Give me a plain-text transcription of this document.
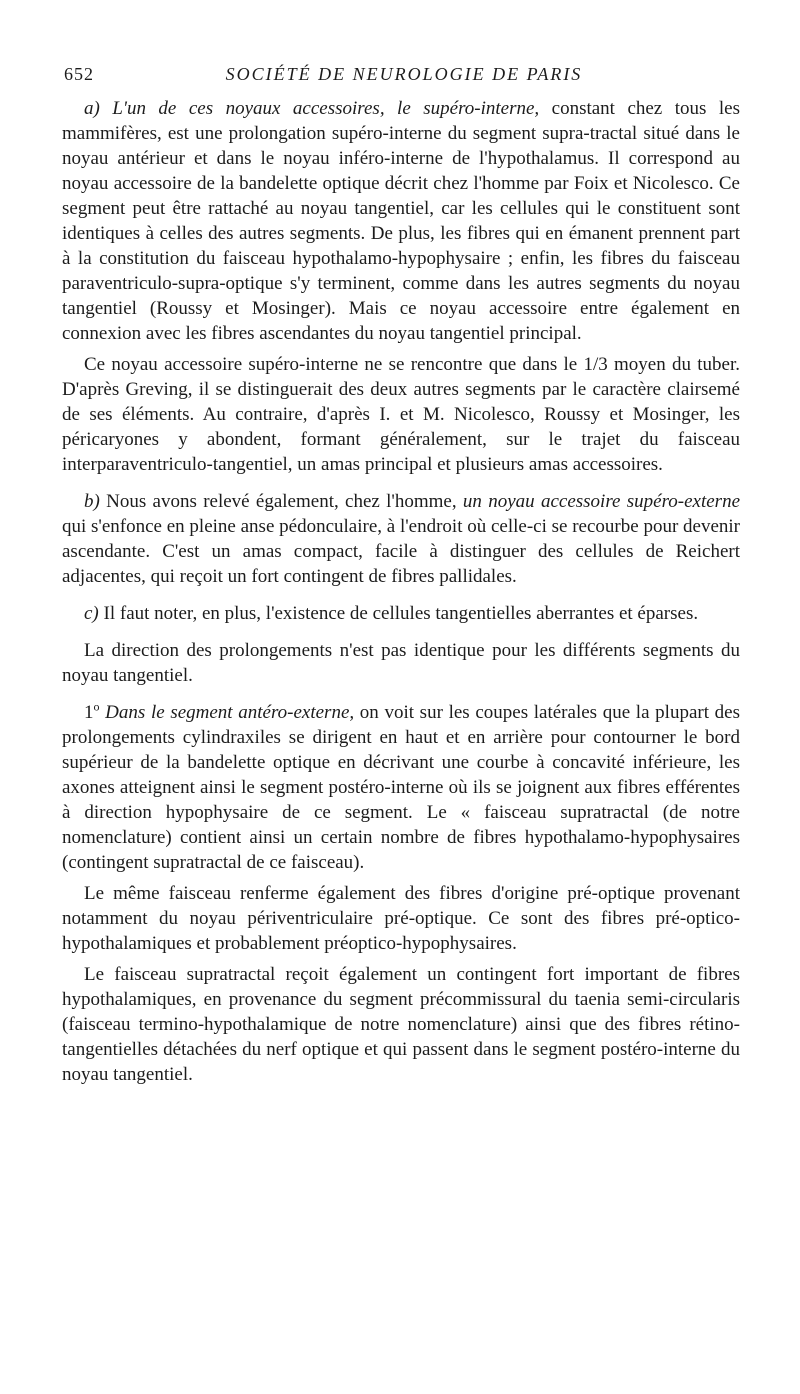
652	SOCIÉTÉ DE NEUROLOGIE DE PARIS

a) L'un de ces noyaux accessoires, le supéro-interne, constant chez tous les mammifères, est une prolongation supéro-interne du segment supra-tractal situé dans le noyau antérieur et dans le noyau inféro-interne de l'hypothalamus. Il correspond au noyau accessoire de la bandelette optique décrit chez l'homme par Foix et Nicolesco. Ce segment peut être rattaché au noyau tangentiel, car les cellules qui le constituent sont identiques à celles des autres segments. De plus, les fibres qui en émanent prennent part à la constitution du faisceau hypothalamo-hypophysaire ; enfin, les fibres du faisceau paraventriculo-supra-optique s'y terminent, comme dans les autres segments du noyau tangentiel (Roussy et Mosinger). Mais ce noyau accessoire entre également en connexion avec les fibres ascendantes du noyau tangentiel principal.

Ce noyau accessoire supéro-interne ne se rencontre que dans le 1/3 moyen du tuber. D'après Greving, il se distinguerait des deux autres segments par le caractère clairsemé de ses éléments. Au contraire, d'après I. et M. Nicolesco, Roussy et Mosinger, les péricaryones y abondent, formant généralement, sur le trajet du faisceau interparaventriculo-tangentiel, un amas principal et plusieurs amas accessoires.

b) Nous avons relevé également, chez l'homme, un noyau accessoire supéro-externe qui s'enfonce en pleine anse pédonculaire, à l'endroit où celle-ci se recourbe pour devenir ascendante. C'est un amas compact, facile à distinguer des cellules de Reichert adjacentes, qui reçoit un fort contingent de fibres pallidales.

c) Il faut noter, en plus, l'existence de cellules tangentielles aberrantes et éparses.

La direction des prolongements n'est pas identique pour les différents segments du noyau tangentiel.

1$^o$ Dans le segment antéro-externe, on voit sur les coupes latérales que la plupart des prolongements cylindraxiles se dirigent en haut et en arrière pour contourner le bord supérieur de la bandelette optique en décrivant une courbe à concavité inférieure, les axones atteignent ainsi le segment postéro-interne où ils se joignent aux fibres efférentes à direction hypophysaire de ce segment. Le « faisceau supratractal (de notre nomenclature) contient ainsi un certain nombre de fibres hypothalamo-hypophysaires (contingent supratractal de ce faisceau).

Le même faisceau renferme également des fibres d'origine pré-optique provenant notamment du noyau périventriculaire pré-optique. Ce sont des fibres pré-optico-hypothalamiques et probablement préoptico-hypophysaires.

Le faisceau supratractal reçoit également un contingent fort important de fibres hypothalamiques, en provenance du segment précommissural du taenia semi-circularis (faisceau termino-hypothalamique de notre nomenclature) ainsi que des fibres rétino-tangentielles détachées du nerf optique et qui passent dans le segment postéro-interne du noyau tangentiel.
